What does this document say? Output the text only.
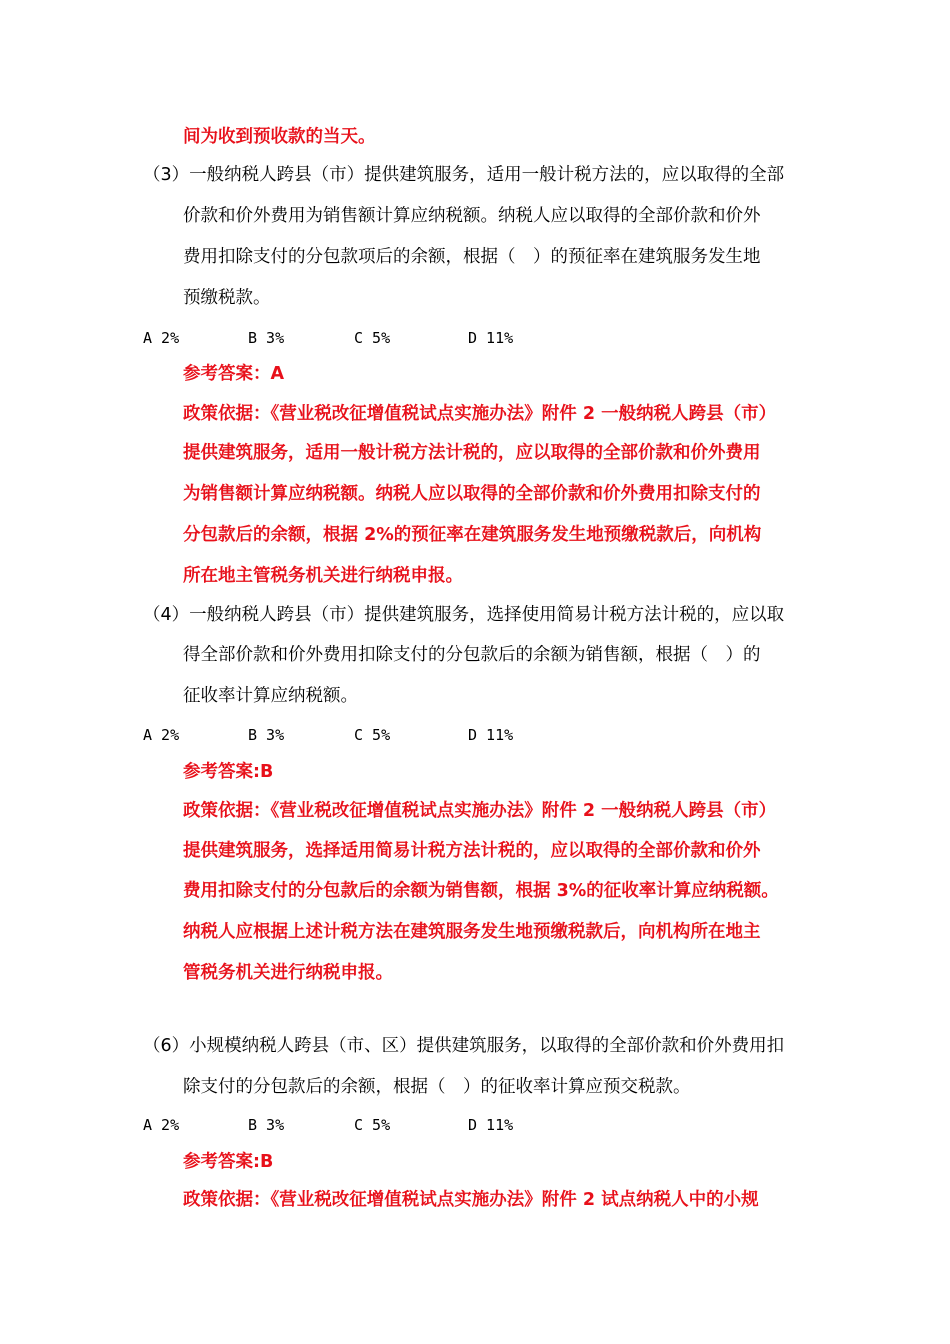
间为收到预收款的当天。
（3）一般纳税人跨县（市）提供建筑服务，适用一般计税方法的，应以取得的全部
价款和价外费用为销售额计算应纳税额。纳税人应以取得的全部价款和价外
费用扣除支付的分包款项后的余额，根据（　）的预征率在建筑服务发生地
预缴税款。
A 2%	B 3%	C 5%	D 11%
参考答案：A
政策依据：《营业税改征增值税试点实施办法》附件 2 一般纳税人跨县（市）
提供建筑服务，适用一般计税方法计税的，应以取得的全部价款和价外费用
为销售额计算应纳税额。纳税人应以取得的全部价款和价外费用扣除支付的
分包款后的余额，根据 2%的预征率在建筑服务发生地预缴税款后，向机构
所在地主管税务机关进行纳税申报。
（4）一般纳税人跨县（市）提供建筑服务，选择使用简易计税方法计税的，应以取
得全部价款和价外费用扣除支付的分包款后的余额为销售额，根据（　）的
征收率计算应纳税额。
A 2%	B 3%	C 5%	D 11%
参考答案:B
政策依据：《营业税改征增值税试点实施办法》附件 2 一般纳税人跨县（市）
提供建筑服务，选择适用简易计税方法计税的，应以取得的全部价款和价外
费用扣除支付的分包款后的余额为销售额，根据 3%的征收率计算应纳税额。
纳税人应根据上述计税方法在建筑服务发生地预缴税款后，向机构所在地主
管税务机关进行纳税申报。
（6）小规模纳税人跨县（市、区）提供建筑服务，以取得的全部价款和价外费用扣
除支付的分包款后的余额，根据（　）的征收率计算应预交税款。
A 2%	B 3%	C 5%	D 11%
参考答案:B
政策依据：《营业税改征增值税试点实施办法》附件 2 试点纳税人中的小规
